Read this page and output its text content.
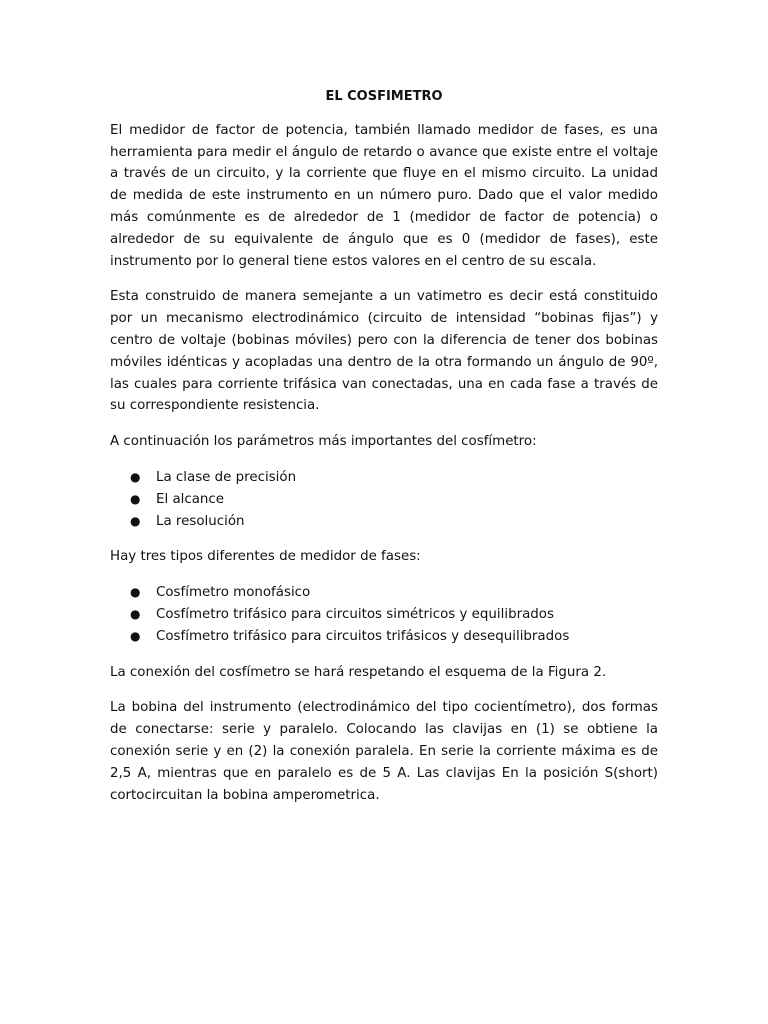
EL COSFIMETRO

El medidor de factor de potencia, también llamado medidor de fases, es una herramienta para medir el ángulo de retardo o avance que existe entre el voltaje a través de un circuito, y la corriente que fluye en el mismo circuito. La unidad de medida de este instrumento en un número puro. Dado que el valor medido más comúnmente es de alrededor de 1 (medidor de factor de potencia) o alrededor de su equivalente de ángulo que es 0 (medidor de fases), este instrumento por lo general tiene estos valores en el centro de su escala.

Esta construido de manera semejante a un vatimetro es decir está constituido por un mecanismo electrodinámico (circuito de intensidad “bobinas fijas”) y centro de voltaje (bobinas móviles) pero con la diferencia de tener dos bobinas móviles idénticas y acopladas una dentro de la otra formando un ángulo de 90º, las cuales para corriente trifásica van conectadas, una en cada fase a través de su correspondiente resistencia.

A continuación los parámetros más importantes del cosfímetro:

● La clase de precisión
● El alcance
● La resolución

Hay tres tipos diferentes de medidor de fases:

● Cosfímetro monofásico
● Cosfímetro trifásico para circuitos simétricos y equilibrados
● Cosfímetro trifásico para circuitos trifásicos y desequilibrados

La conexión del cosfímetro se hará respetando el esquema de la Figura 2.

La bobina del instrumento (electrodinámico del tipo cocientímetro), dos formas de conectarse: serie y paralelo. Colocando las clavijas en (1) se obtiene la conexión serie y en (2) la conexión paralela. En serie la corriente máxima es de 2,5 A, mientras que en paralelo es de 5 A. Las clavijas En la posición S(short) cortocircuitan la bobina amperometrica.
